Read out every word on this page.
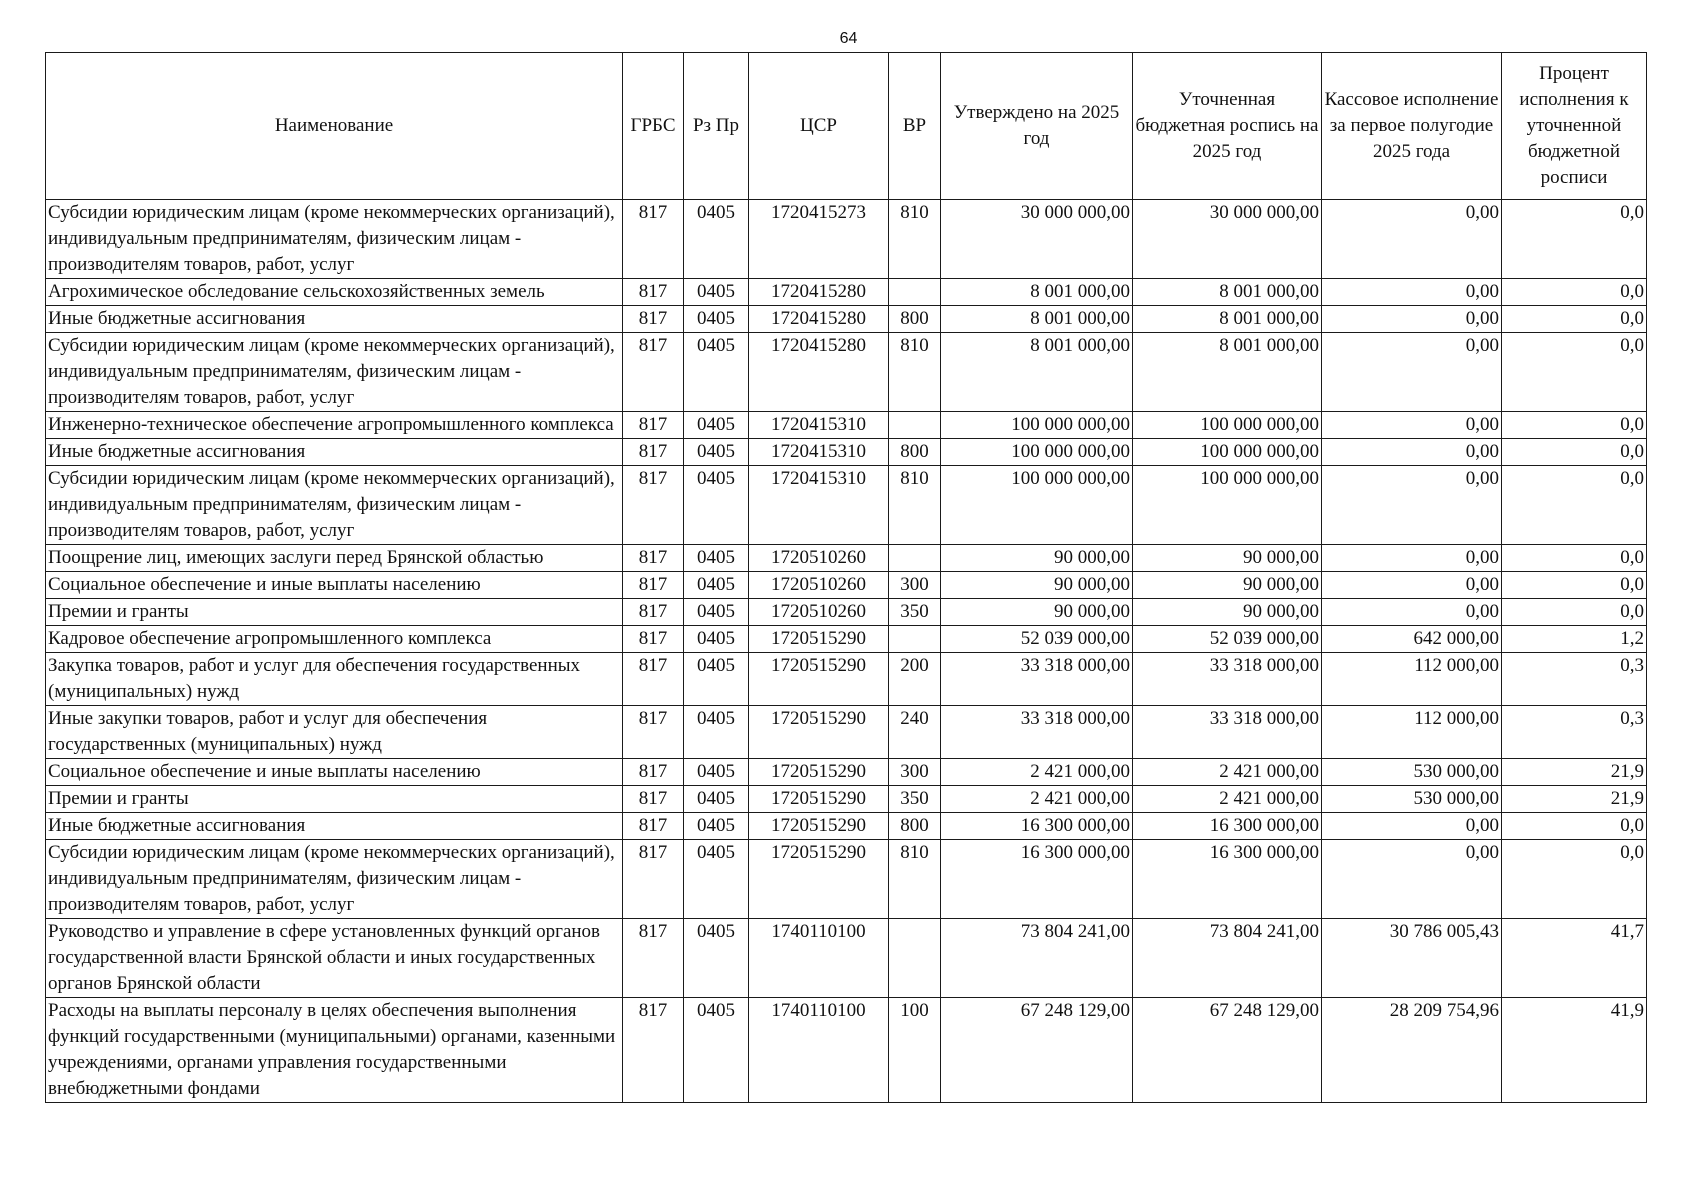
64
Наименование	ГРБС	Рз Пр	ЦСР	ВР	Утверждено на 2025 год	Уточненная бюджетная роспись на 2025 год	Кассовое исполнение за первое полугодие 2025 года	Процент исполнения к уточненной бюджетной росписи
Субсидии юридическим лицам (кроме некоммерческих организаций), индивидуальным предпринимателям, физическим лицам - производителям товаров, работ, услуг	817	0405	1720415273	810	30 000 000,00	30 000 000,00	0,00	0,0
Агрохимическое обследование сельскохозяйственных земель	817	0405	1720415280		8 001 000,00	8 001 000,00	0,00	0,0
Иные бюджетные ассигнования	817	0405	1720415280	800	8 001 000,00	8 001 000,00	0,00	0,0
Субсидии юридическим лицам (кроме некоммерческих организаций), индивидуальным предпринимателям, физическим лицам - производителям товаров, работ, услуг	817	0405	1720415280	810	8 001 000,00	8 001 000,00	0,00	0,0
Инженерно-техническое обеспечение агропромышленного комплекса	817	0405	1720415310		100 000 000,00	100 000 000,00	0,00	0,0
Иные бюджетные ассигнования	817	0405	1720415310	800	100 000 000,00	100 000 000,00	0,00	0,0
Субсидии юридическим лицам (кроме некоммерческих организаций), индивидуальным предпринимателям, физическим лицам - производителям товаров, работ, услуг	817	0405	1720415310	810	100 000 000,00	100 000 000,00	0,00	0,0
Поощрение лиц, имеющих заслуги перед Брянской областью	817	0405	1720510260		90 000,00	90 000,00	0,00	0,0
Социальное обеспечение и иные выплаты населению	817	0405	1720510260	300	90 000,00	90 000,00	0,00	0,0
Премии и гранты	817	0405	1720510260	350	90 000,00	90 000,00	0,00	0,0
Кадровое обеспечение агропромышленного комплекса	817	0405	1720515290		52 039 000,00	52 039 000,00	642 000,00	1,2
Закупка товаров, работ и услуг для обеспечения государственных (муниципальных) нужд	817	0405	1720515290	200	33 318 000,00	33 318 000,00	112 000,00	0,3
Иные закупки товаров, работ и услуг для обеспечения государственных (муниципальных) нужд	817	0405	1720515290	240	33 318 000,00	33 318 000,00	112 000,00	0,3
Социальное обеспечение и иные выплаты населению	817	0405	1720515290	300	2 421 000,00	2 421 000,00	530 000,00	21,9
Премии и гранты	817	0405	1720515290	350	2 421 000,00	2 421 000,00	530 000,00	21,9
Иные бюджетные ассигнования	817	0405	1720515290	800	16 300 000,00	16 300 000,00	0,00	0,0
Субсидии юридическим лицам (кроме некоммерческих организаций), индивидуальным предпринимателям, физическим лицам - производителям товаров, работ, услуг	817	0405	1720515290	810	16 300 000,00	16 300 000,00	0,00	0,0
Руководство и управление в сфере установленных функций органов государственной власти Брянской области и иных государственных органов Брянской области	817	0405	1740110100		73 804 241,00	73 804 241,00	30 786 005,43	41,7
Расходы на выплаты персоналу в целях обеспечения выполнения функций государственными (муниципальными) органами, казенными учреждениями, органами управления государственными внебюджетными фондами	817	0405	1740110100	100	67 248 129,00	67 248 129,00	28 209 754,96	41,9
